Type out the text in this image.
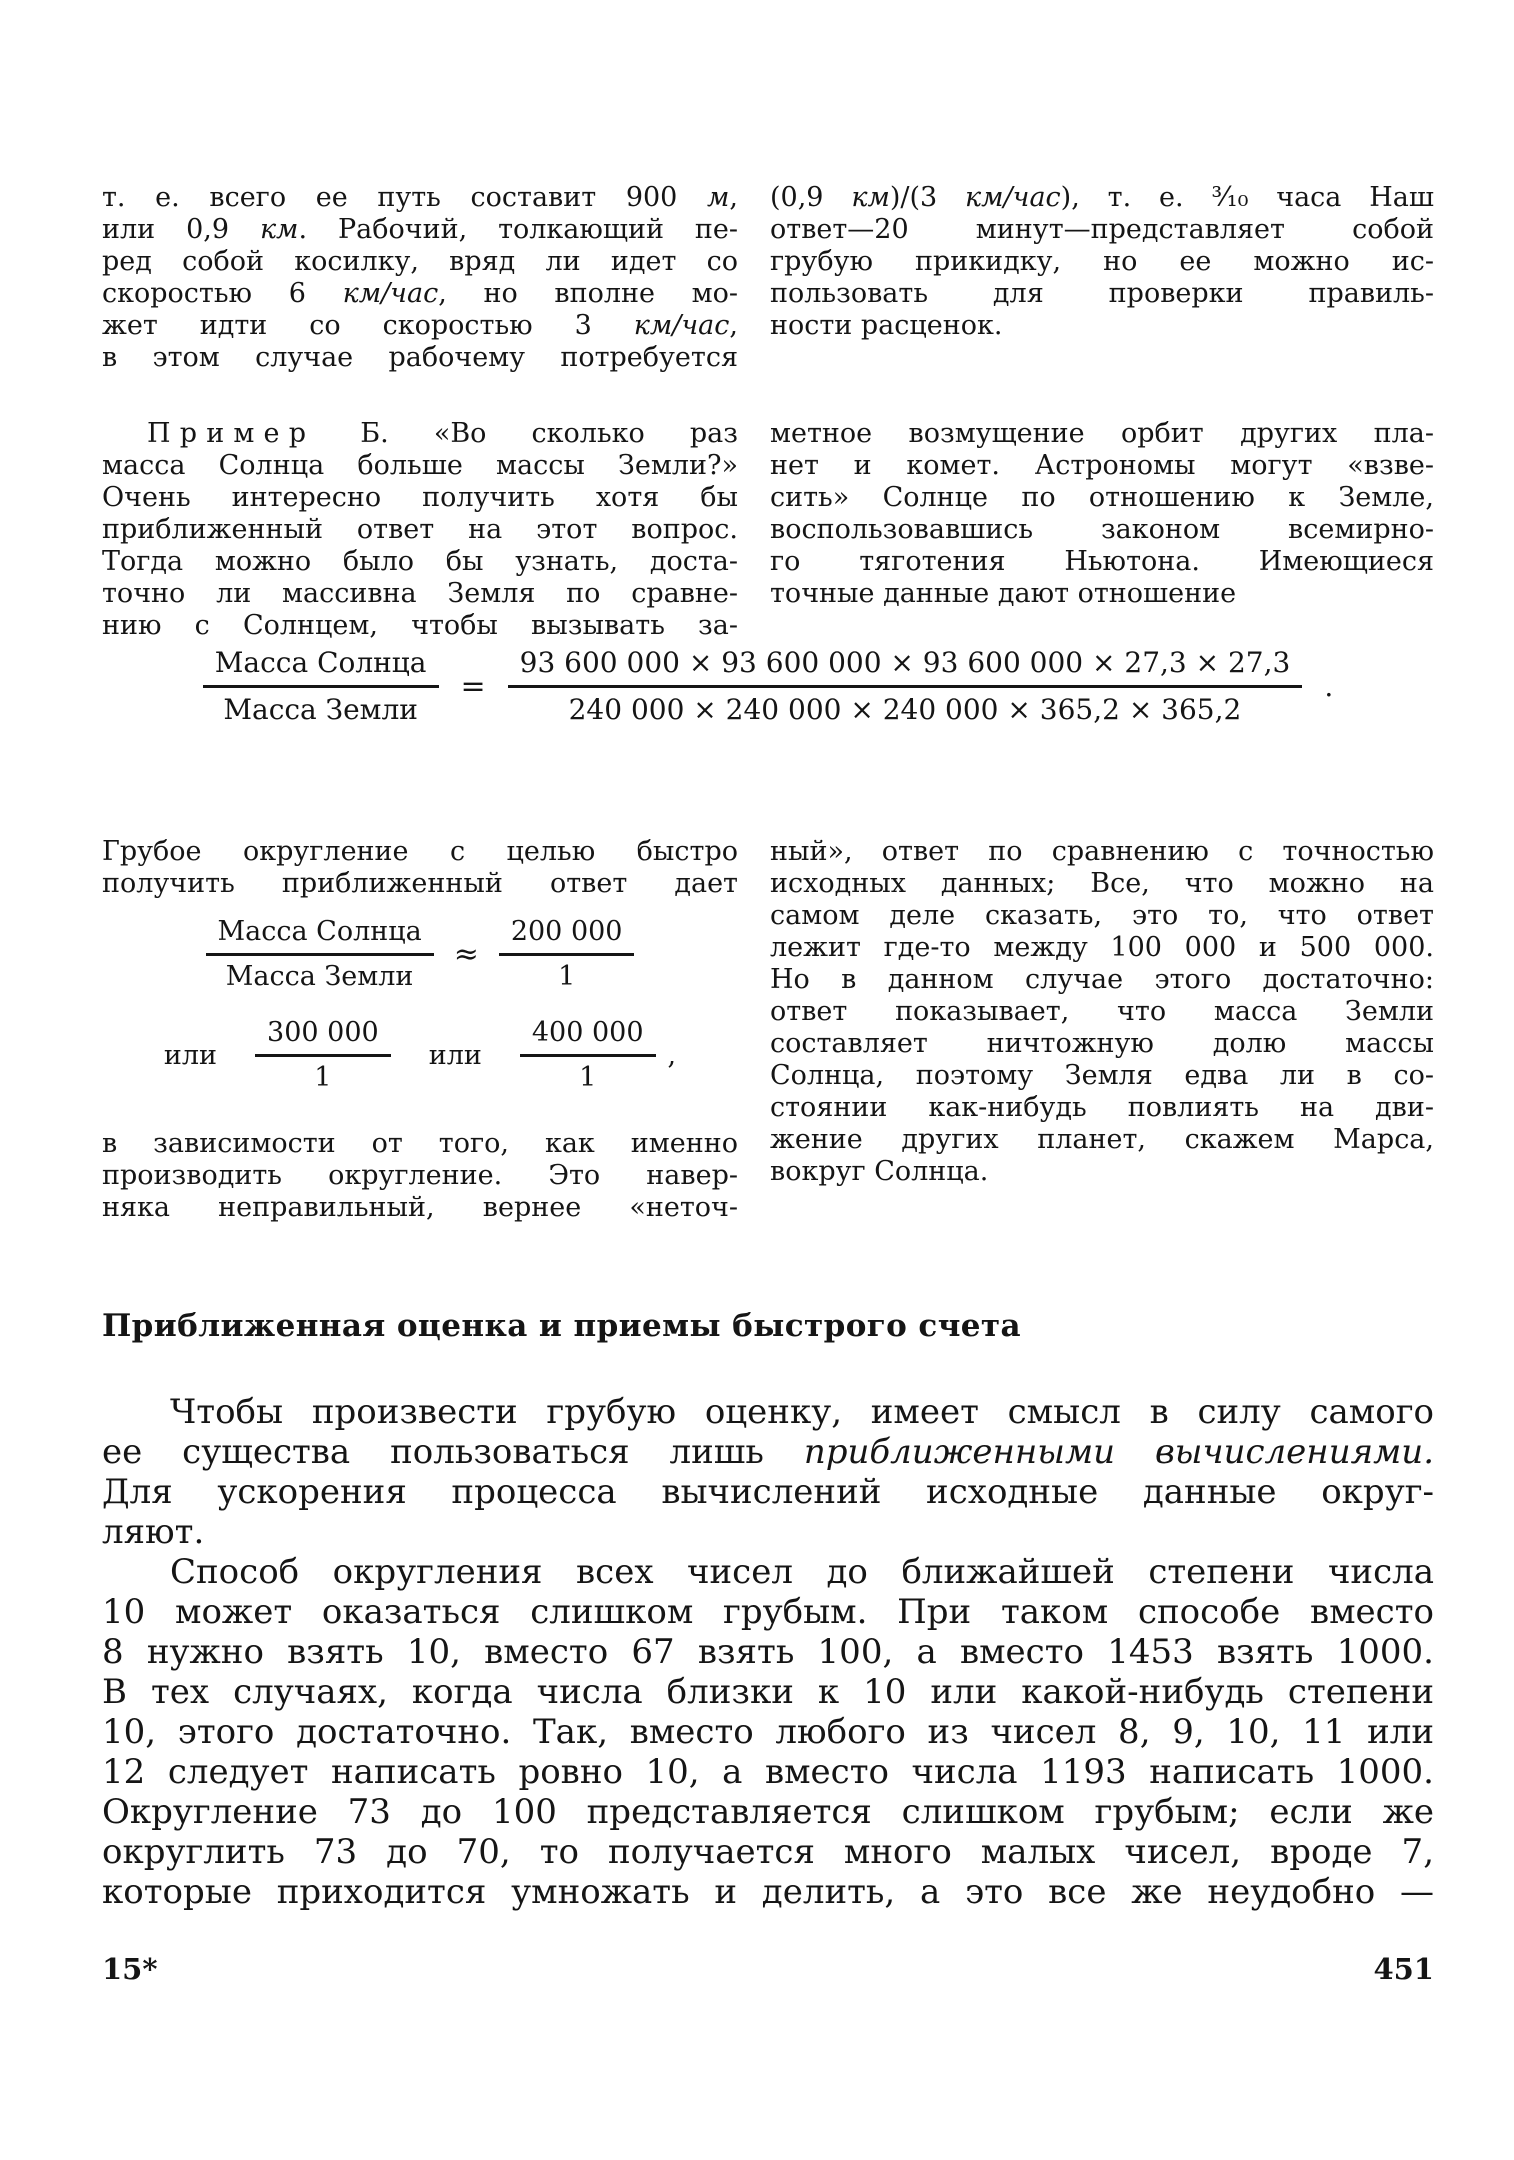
т. е. всего ее путь составит 900 м,
или 0,9 км. Рабочий, толкающий пе-
ред собой косилку, вряд ли идет со
скоростью 6 км/час, но вполне мо-
жет идти со скоростью 3 км/час,
в этом случае рабочему потребуется
Пример Б. «Во сколько раз
масса Солнца больше массы Земли?»
Очень интересно получить хотя бы
приближенный ответ на этот вопрос.
Тогда можно было бы узнать, доста-
точно ли массивна Земля по сравне-
нию с Солнцем, чтобы вызывать за-
(0,9 км)/(3 км/час), т. е. ³⁄₁₀ часа Наш
ответ—20 минут—представляет собой
грубую прикидку, но ее можно ис-
пользовать для проверки правиль-
ности расценок.
метное возмущение орбит других пла-
нет и комет. Астрономы могут «взве-
сить» Солнце по отношению к Земле,
воспользовавшись законом всемирно-
го тяготения Ньютона. Имеющиеся
точные данные дают отношение
$\frac{\text{Масса Солнца}}{\text{Масса Земли}} = \frac{93 600 000 \times 93 600 000 \times 93 600 000 \times 27,3 \times 27,3}{240 000 \times 240 000 \times 240 000 \times 365,2 \times 365,2}$ .
Грубое округление с целью быстро
получить приближенный ответ дает
$\frac{\text{Масса Солнца}}{\text{Масса Земли}} \approx \frac{200 000}{1}$
или $\frac{300 000}{1}$ или $\frac{400 000}{1}$ ,
в зависимости от того, как именно
производить округление. Это навер-
няка неправильный, вернее «неточ-
ный», ответ по сравнению с точностью
исходных данных; Все, что можно на
самом деле сказать, это то, что ответ
лежит где-то между 100 000 и 500 000.
Но в данном случае этого достаточно:
ответ показывает, что масса Земли
составляет ничтожную долю массы
Солнца, поэтому Земля едва ли в со-
стоянии как-нибудь повлиять на дви-
жение других планет, скажем Марса,
вокруг Солнца.
Приближенная оценка и приемы быстрого счета
Чтобы произвести грубую оценку, имеет смысл в силу самого
ее существа пользоваться лишь приближенными вычислениями.
Для ускорения процесса вычислений исходные данные округ-
ляют.
Способ округления всех чисел до ближайшей степени числа
10 может оказаться слишком грубым. При таком способе вместо
8 нужно взять 10, вместо 67 взять 100, а вместо 1453 взять 1000.
В тех случаях, когда числа близки к 10 или какой-нибудь степени
10, этого достаточно. Так, вместо любого из чисел 8, 9, 10, 11 или
12 следует написать ровно 10, а вместо числа 1193 написать 1000.
Округление 73 до 100 представляется слишком грубым; если же
округлить 73 до 70, то получается много малых чисел, вроде 7,
которые приходится умножать и делить, а это все же неудобно —
15*	451
